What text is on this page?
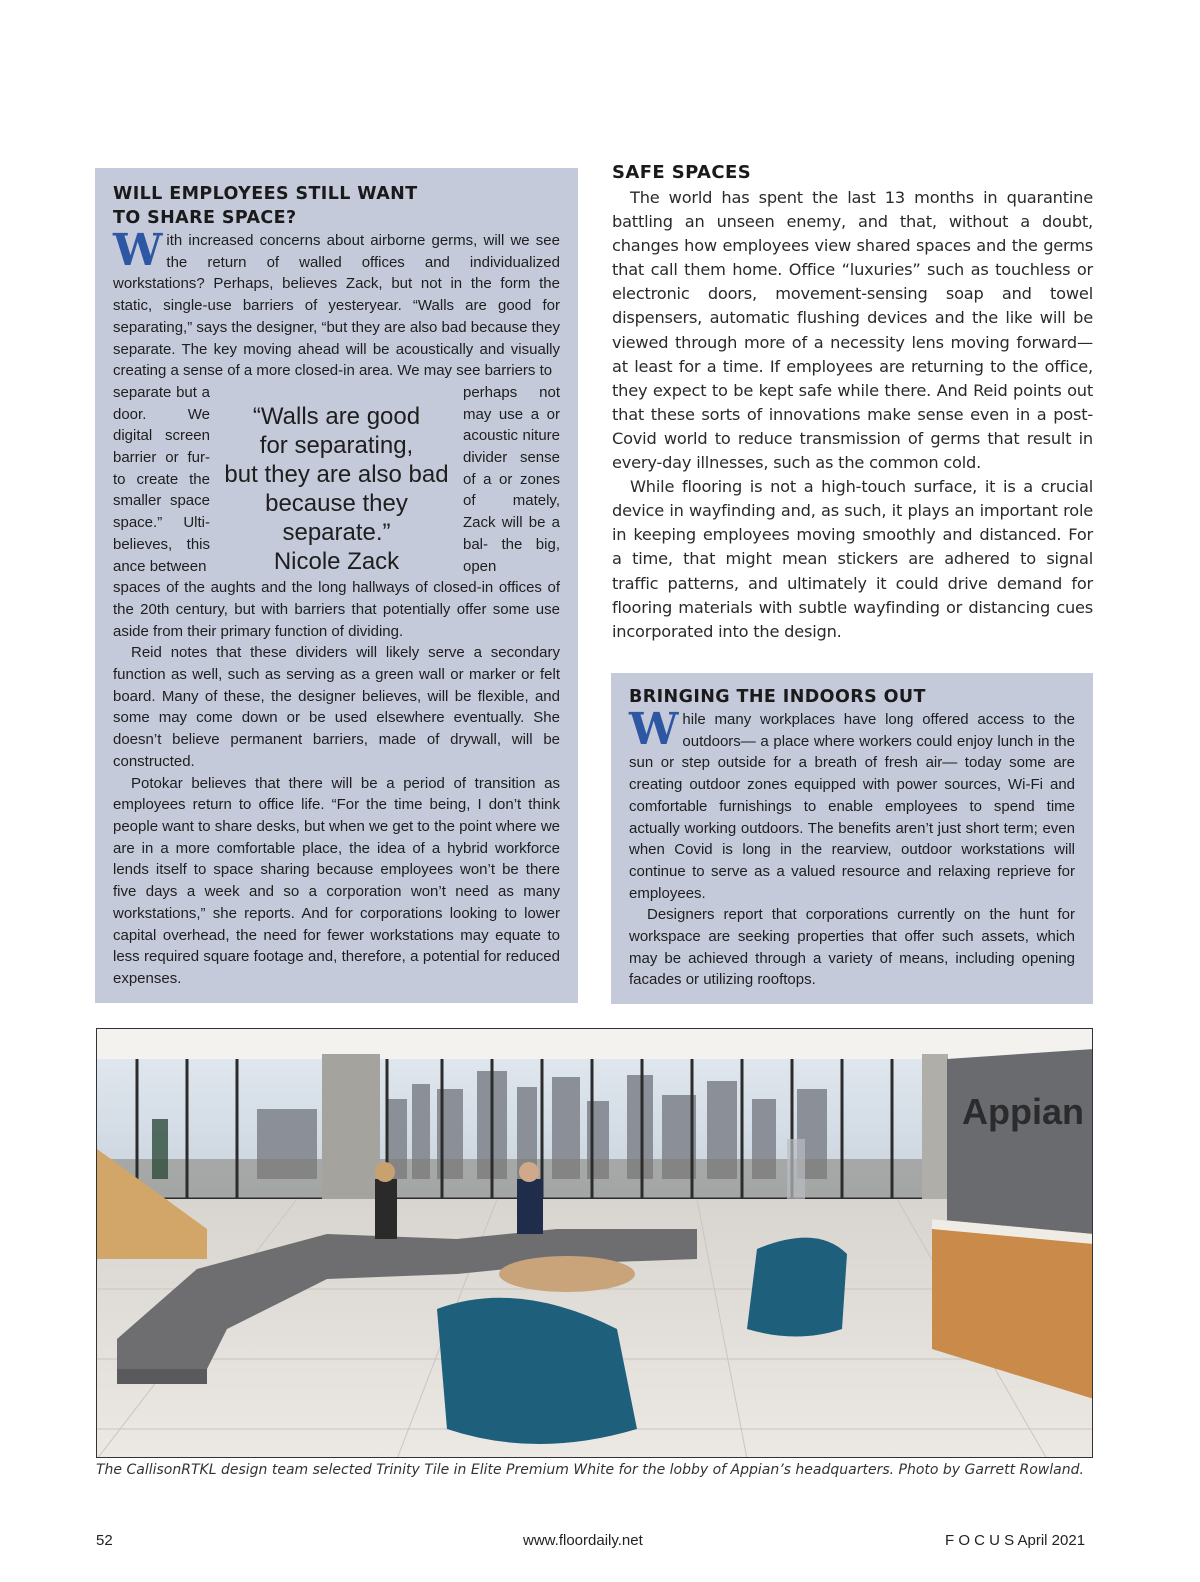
WILL EMPLOYEES STILL WANT
TO SHARE SPACE?

With increased concerns about airborne germs, will we see the return of walled offices and individualized workstations? Perhaps, believes Zack, but not in the form the static, single-use barriers of yesteryear. “Walls are good for separating,” says the designer, “but they are also bad because they separate. The key moving ahead will be acoustically and visually creating a sense of a more closed-in area. We may see barriers to

separate but a door. We digital screen barrier or fur- to create the smaller space space.” Ulti- believes, this ance between
“Walls are good
for separating,
but they are also bad
because they separate.”
Nicole Zack
perhaps not may use a or acoustic niture divider sense of a or zones of mately, Zack will be a bal- the big, open

spaces of the aughts and the long hallways of closed-in offices of the 20th century, but with barriers that potentially offer some use aside from their primary function of dividing.

Reid notes that these dividers will likely serve a secondary function as well, such as serving as a green wall or marker or felt board. Many of these, the designer believes, will be flexible, and some may come down or be used elsewhere eventually. She doesn’t believe permanent barriers, made of drywall, will be constructed.

Potokar believes that there will be a period of transition as employees return to office life. “For the time being, I don’t think people want to share desks, but when we get to the point where we are in a more comfortable place, the idea of a hybrid workforce lends itself to space sharing because employees won’t be there five days a week and so a corporation won’t need as many workstations,” she reports. And for corporations looking to lower capital overhead, the need for fewer workstations may equate to less required square footage and, therefore, a potential for reduced expenses.

SAFE SPACES

The world has spent the last 13 months in quarantine battling an unseen enemy, and that, without a doubt, changes how employees view shared spaces and the germs that call them home. Office “luxuries” such as touchless or electronic doors, movement-sensing soap and towel dispensers, automatic flushing devices and the like will be viewed through more of a necessity lens moving forward—at least for a time. If employees are returning to the office, they expect to be kept safe while there. And Reid points out that these sorts of innovations make sense even in a post-Covid world to reduce transmission of germs that result in every-day illnesses, such as the common cold.

While flooring is not a high-touch surface, it is a crucial device in wayfinding and, as such, it plays an important role in keeping employees moving smoothly and distanced. For a time, that might mean stickers are adhered to signal traffic patterns, and ultimately it could drive demand for flooring materials with subtle wayfinding or distancing cues incorporated into the design.

BRINGING THE INDOORS OUT

While many workplaces have long offered access to the outdoors— a place where workers could enjoy lunch in the sun or step outside for a breath of fresh air— today some are creating outdoor zones equipped with power sources, Wi-Fi and comfortable furnishings to enable employees to spend time actually working outdoors. The benefits aren’t just short term; even when Covid is long in the rearview, outdoor workstations will continue to serve as a valued resource and relaxing reprieve for employees.

Designers report that corporations currently on the hunt for workspace are seeking properties that offer such assets, which may be achieved through a variety of means, including opening facades or utilizing rooftops.

Appian
The CallisonRTKL design team selected Trinity Tile in Elite Premium White for the lobby of Appian’s headquarters. Photo by Garrett Rowland.
52	www.floordaily.net	F O C U S April 2021
